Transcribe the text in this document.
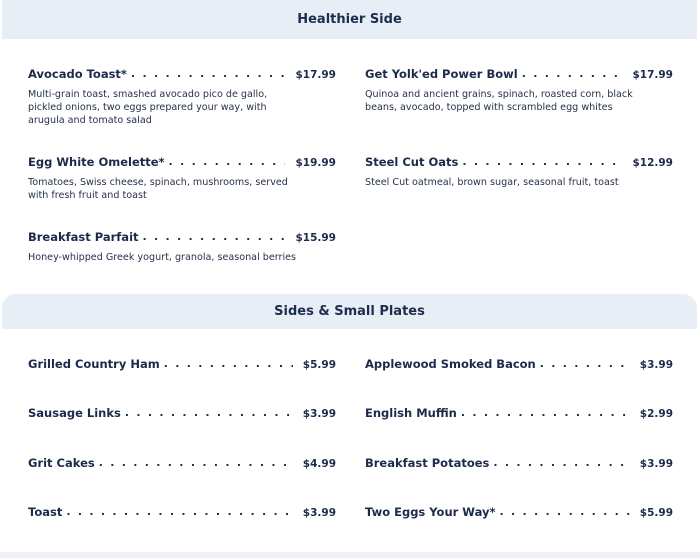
Healthier Side
Avocado Toast* . . .	$17.99
Multi-grain toast, smashed avocado pico de gallo, pickled onions, two eggs prepared your way, with arugula and tomato salad
Get Yolk'ed Power Bowl . . .	$17.99
Quinoa and ancient grains, spinach, roasted corn, black beans, avocado, topped with scrambled egg whites
Egg White Omelette* . . .	$19.99
Tomatoes, Swiss cheese, spinach, mushrooms, served with fresh fruit and toast
Steel Cut Oats . . .	$12.99
Steel Cut oatmeal, brown sugar, seasonal fruit, toast
Breakfast Parfait . . .	$15.99
Honey-whipped Greek yogurt, granola, seasonal berries
Sides & Small Plates
Grilled Country Ham . . .	$5.99	Applewood Smoked Bacon . . .	$3.99
Sausage Links . . .	$3.99	English Muffin . . .	$2.99
Grit Cakes . . .	$4.99	Breakfast Potatoes . . .	$3.99
Toast . . .	$3.99	Two Eggs Your Way* . . .	$5.99
